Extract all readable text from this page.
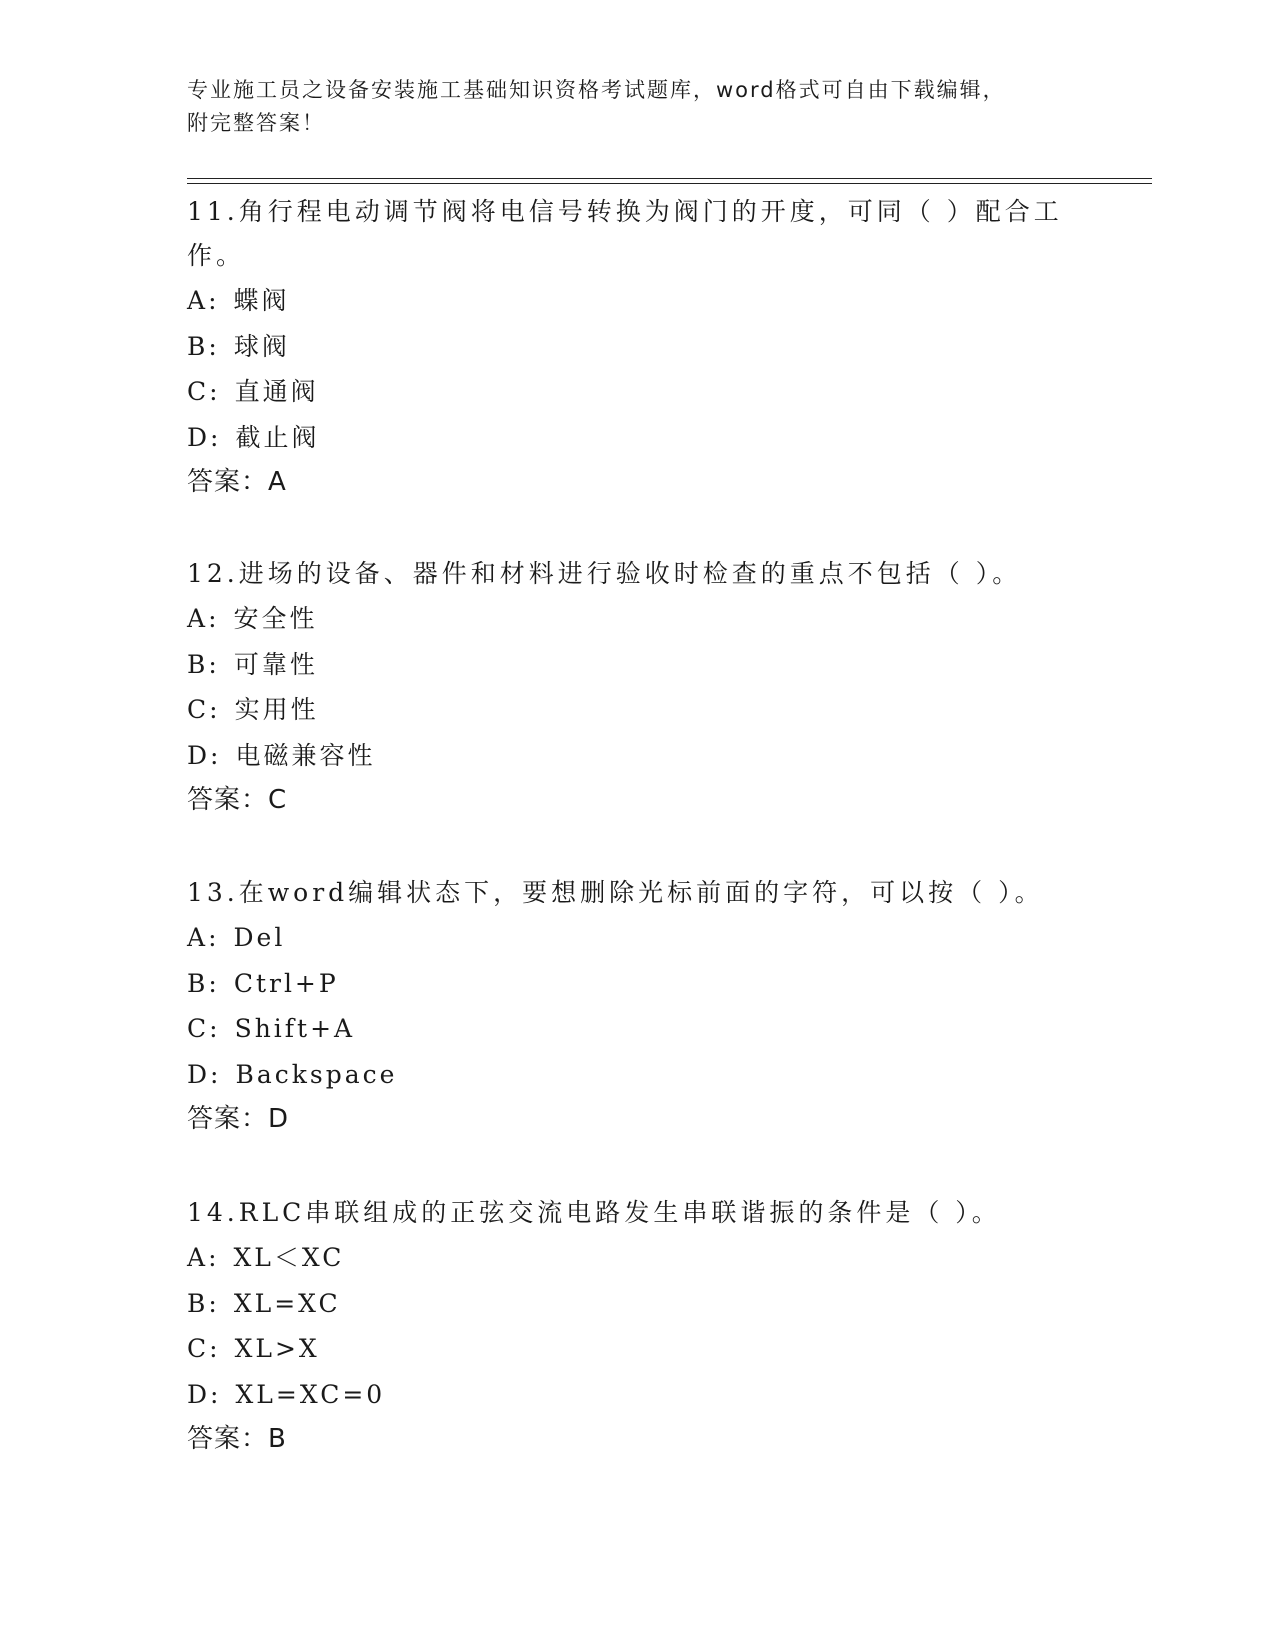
专业施工员之设备安装施工基础知识资格考试题库，word格式可自由下载编辑，
附完整答案！

11.角行程电动调节阀将电信号转换为阀门的开度，可同（ ）配合工作。

A: 蝶阀

B: 球阀

C: 直通阀

D: 截止阀

答案：A

12.进场的设备、器件和材料进行验收时检查的重点不包括（ ）。

A: 安全性

B: 可靠性

C: 实用性

D: 电磁兼容性

答案：C

13.在word编辑状态下，要想删除光标前面的字符，可以按（ ）。

A: Del

B: Ctrl+P

C: Shift+A

D: Backspace

答案：D

14.RLC串联组成的正弦交流电路发生串联谐振的条件是（ ）。

A: XL＜XC

B: XL=XC

C: XL>X

D: XL=XC=0

答案：B
